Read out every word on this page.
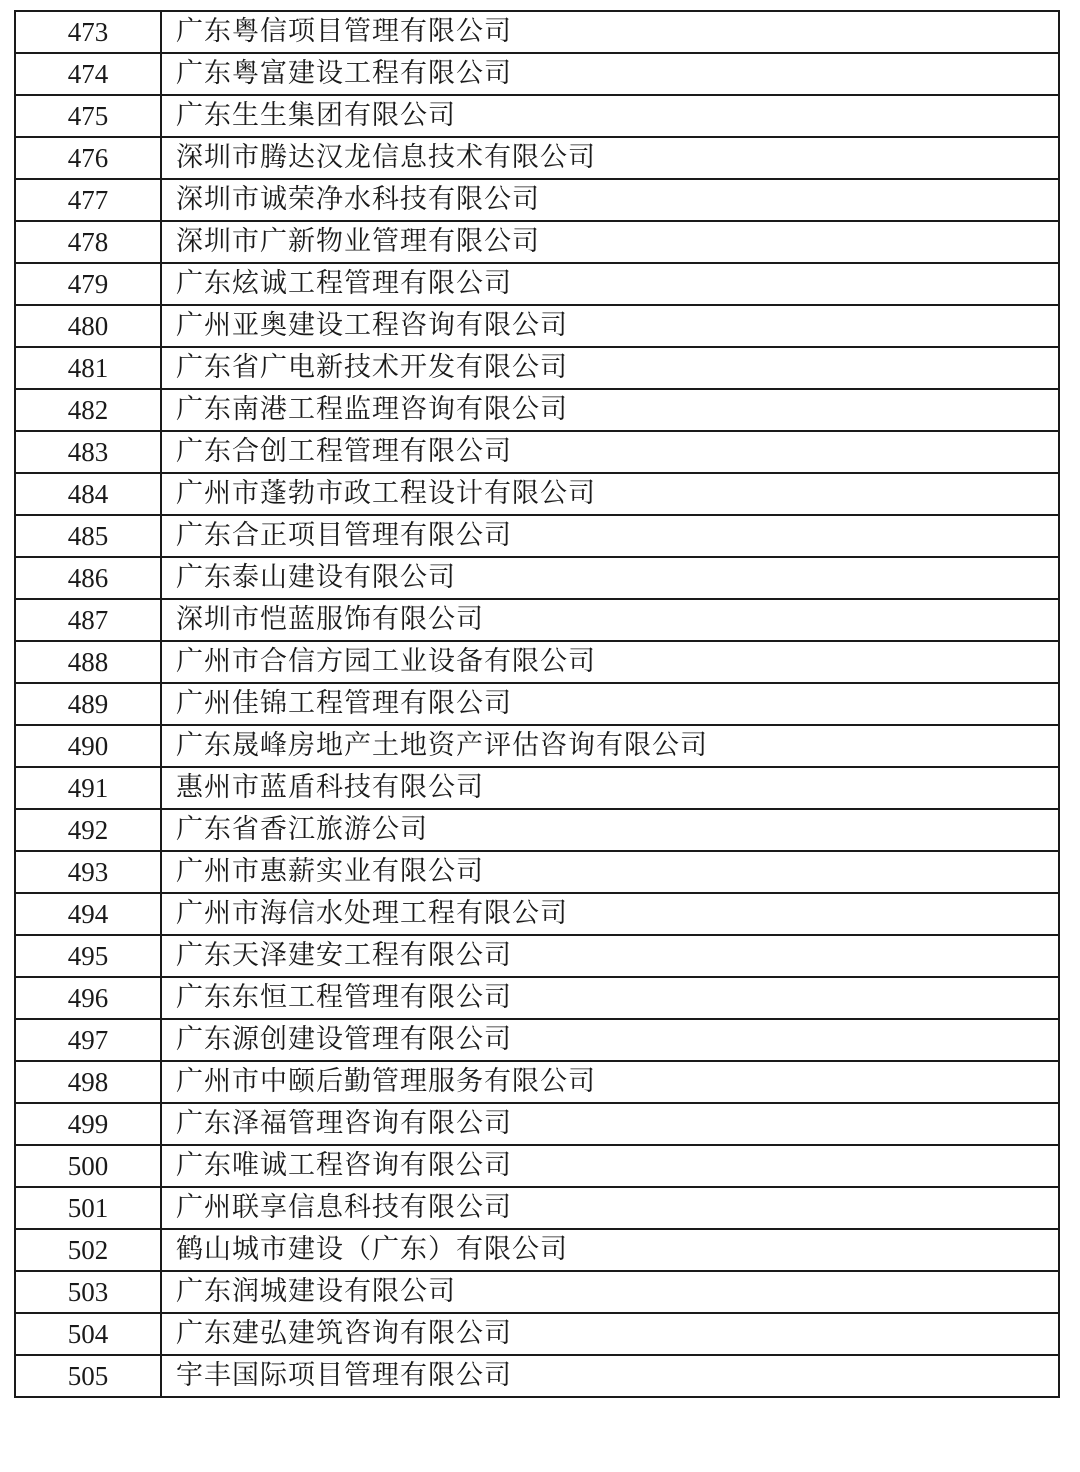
473	广东粤信项目管理有限公司
474	广东粤富建设工程有限公司
475	广东生生集团有限公司
476	深圳市腾达汉龙信息技术有限公司
477	深圳市诚荣净水科技有限公司
478	深圳市广新物业管理有限公司
479	广东炫诚工程管理有限公司
480	广州亚奥建设工程咨询有限公司
481	广东省广电新技术开发有限公司
482	广东南港工程监理咨询有限公司
483	广东合创工程管理有限公司
484	广州市蓬勃市政工程设计有限公司
485	广东合正项目管理有限公司
486	广东泰山建设有限公司
487	深圳市恺蓝服饰有限公司
488	广州市合信方园工业设备有限公司
489	广州佳锦工程管理有限公司
490	广东晟峰房地产土地资产评估咨询有限公司
491	惠州市蓝盾科技有限公司
492	广东省香江旅游公司
493	广州市惠薪实业有限公司
494	广州市海信水处理工程有限公司
495	广东天泽建安工程有限公司
496	广东东恒工程管理有限公司
497	广东源创建设管理有限公司
498	广州市中颐后勤管理服务有限公司
499	广东泽福管理咨询有限公司
500	广东唯诚工程咨询有限公司
501	广州联享信息科技有限公司
502	鹤山城市建设（广东）有限公司
503	广东润城建设有限公司
504	广东建弘建筑咨询有限公司
505	宇丰国际项目管理有限公司
